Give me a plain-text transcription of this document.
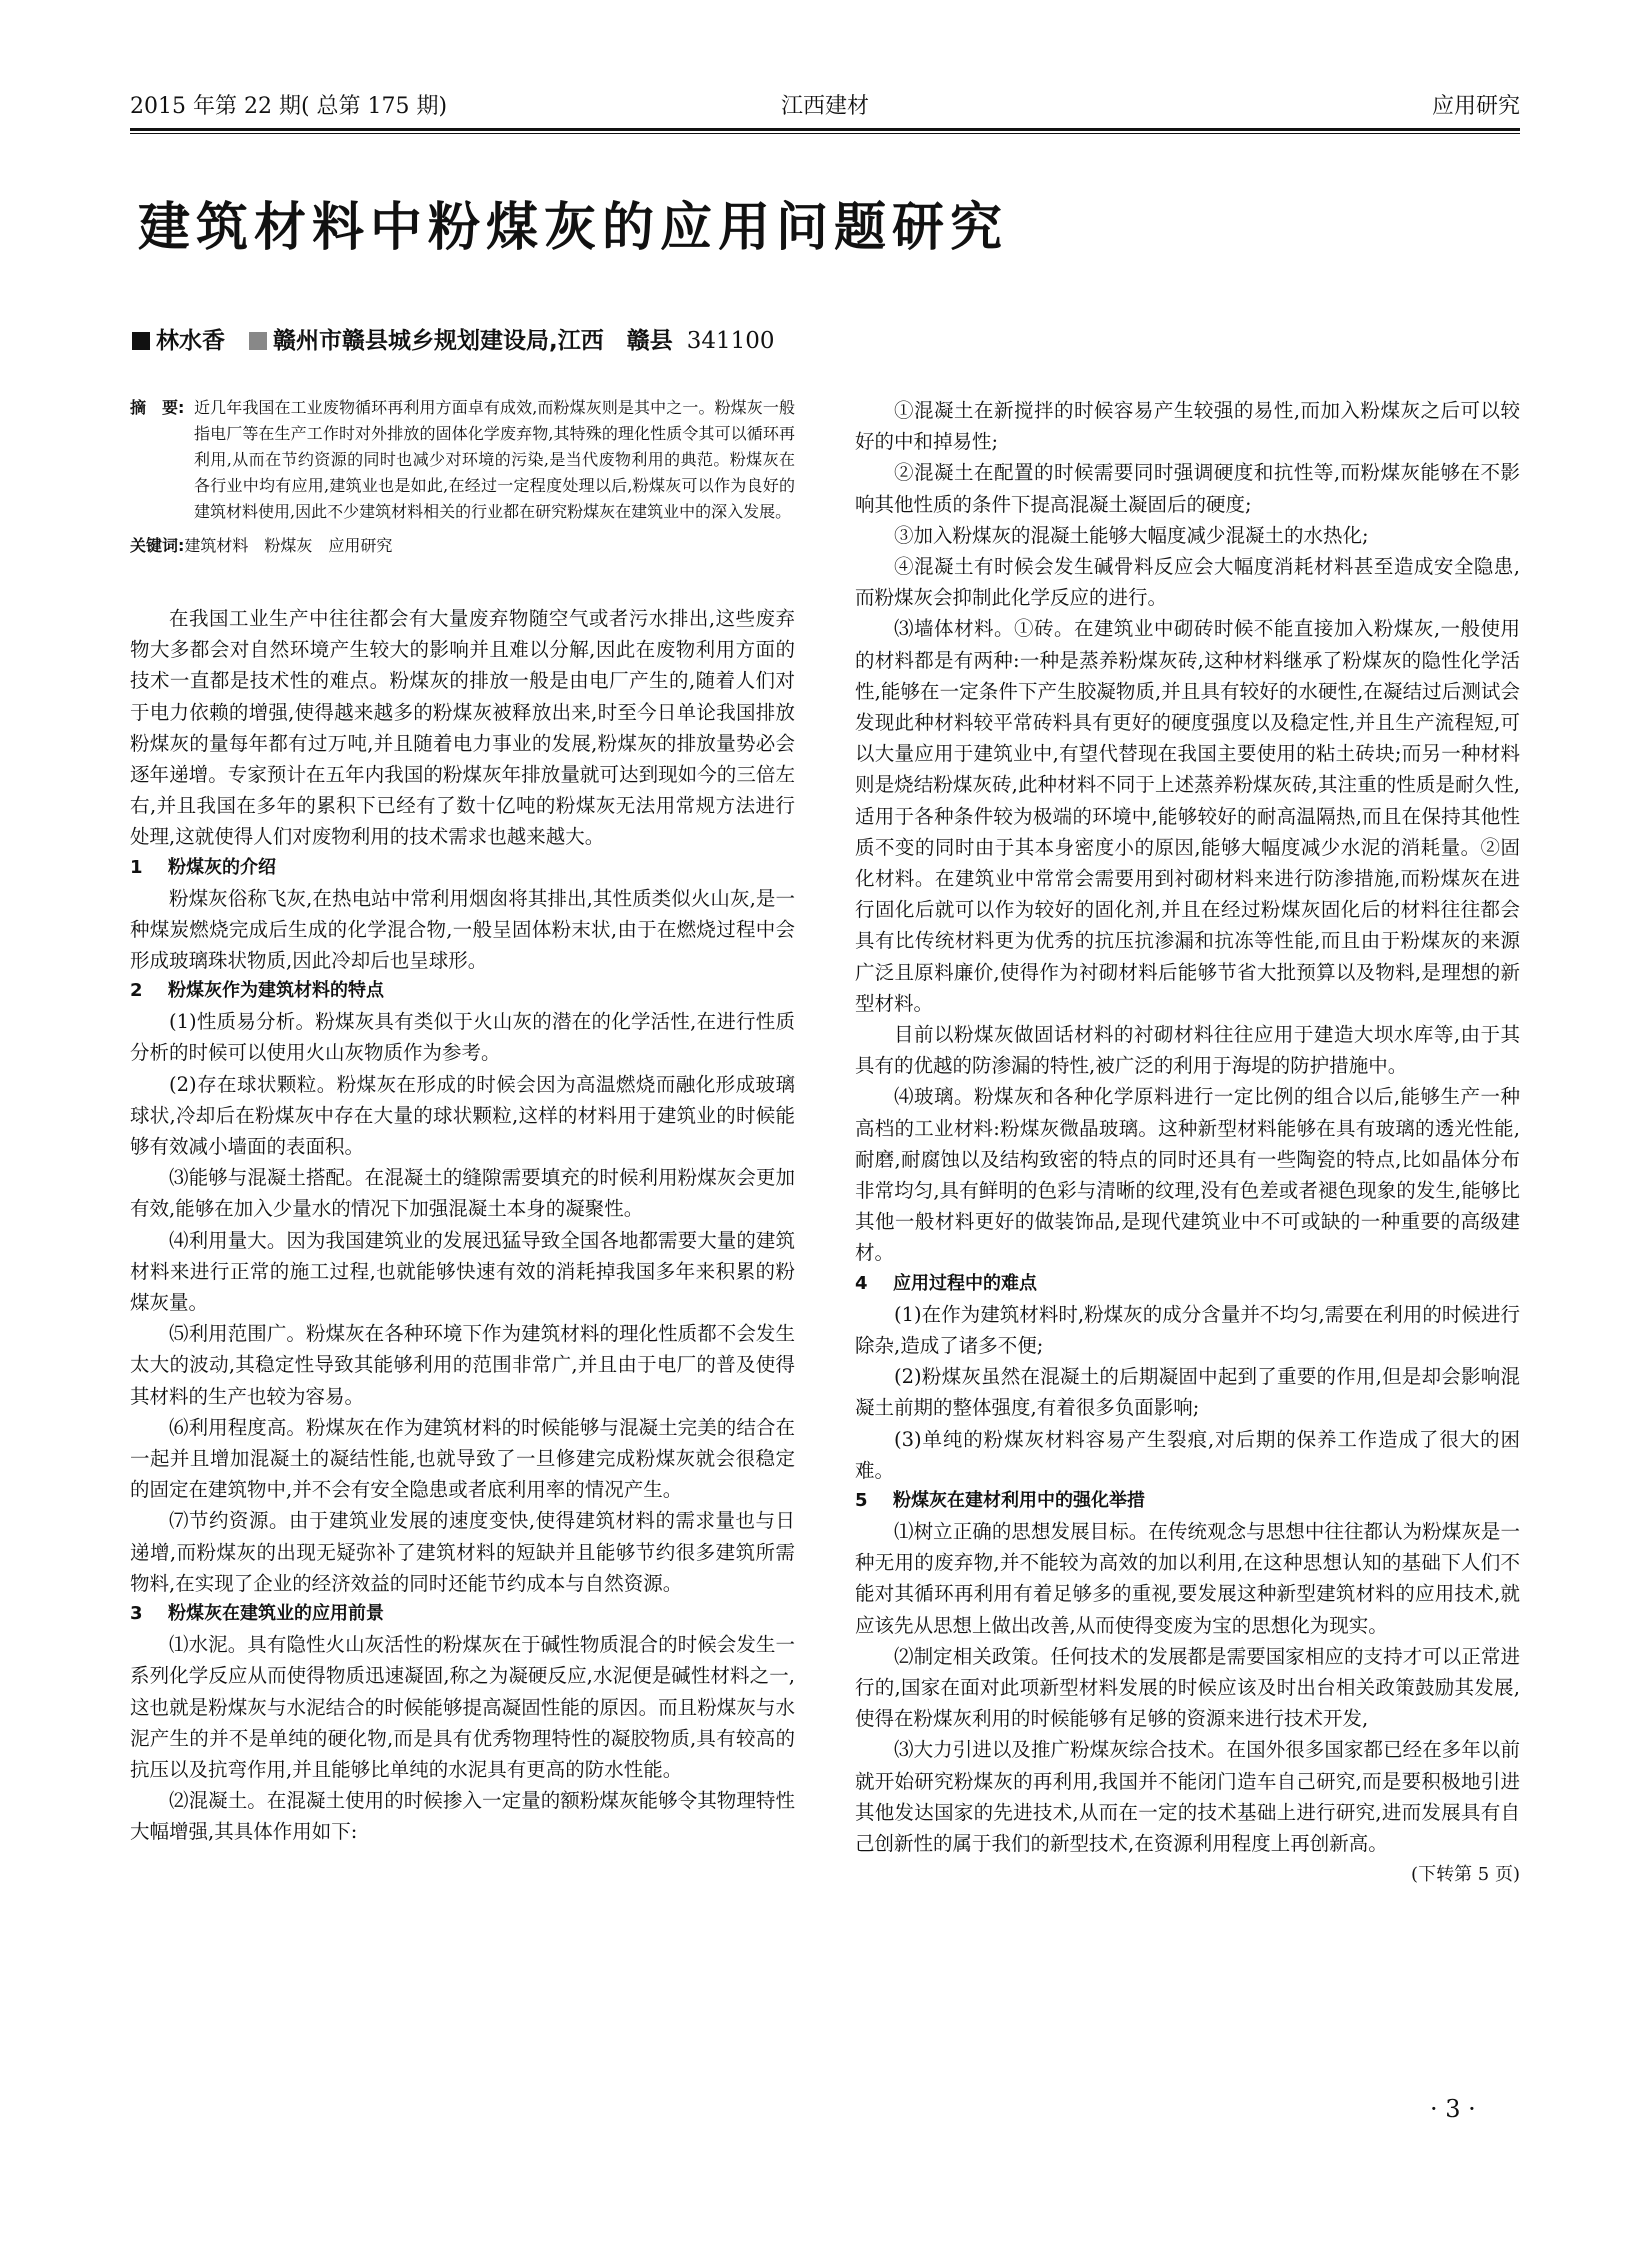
2015 年第 22 期( 总第 175 期)	江西建材	应用研究
建筑材料中粉煤灰的应用问题研究
林水香 赣州市赣县城乡规划建设局,江西　赣县 341100
摘　要: 近几年我国在工业废物循环再利用方面卓有成效,而粉煤灰则是其中之一。粉煤灰一般指电厂等在生产工作时对外排放的固体化学废弃物,其特殊的理化性质令其可以循环再利用,从而在节约资源的同时也减少对环境的污染,是当代废物利用的典范。粉煤灰在各行业中均有应用,建筑业也是如此,在经过一定程度处理以后,粉煤灰可以作为良好的建筑材料使用,因此不少建筑材料相关的行业都在研究粉煤灰在建筑业中的深入发展。
关键词:建筑材料　粉煤灰　应用研究

在我国工业生产中往往都会有大量废弃物随空气或者污水排出,这些废弃物大多都会对自然环境产生较大的影响并且难以分解,因此在废物利用方面的技术一直都是技术性的难点。粉煤灰的排放一般是由电厂产生的,随着人们对于电力依赖的增强,使得越来越多的粉煤灰被释放出来,时至今日单论我国排放粉煤灰的量每年都有过万吨,并且随着电力事业的发展,粉煤灰的排放量势必会逐年递增。专家预计在五年内我国的粉煤灰年排放量就可达到现如今的三倍左右,并且我国在多年的累积下已经有了数十亿吨的粉煤灰无法用常规方法进行处理,这就使得人们对废物利用的技术需求也越来越大。

1 粉煤灰的介绍

粉煤灰俗称飞灰,在热电站中常利用烟囱将其排出,其性质类似火山灰,是一种煤炭燃烧完成后生成的化学混合物,一般呈固体粉末状,由于在燃烧过程中会形成玻璃珠状物质,因此冷却后也呈球形。

2 粉煤灰作为建筑材料的特点

(1)性质易分析。粉煤灰具有类似于火山灰的潜在的化学活性,在进行性质分析的时候可以使用火山灰物质作为参考。

(2)存在球状颗粒。粉煤灰在形成的时候会因为高温燃烧而融化形成玻璃球状,冷却后在粉煤灰中存在大量的球状颗粒,这样的材料用于建筑业的时候能够有效减小墙面的表面积。

⑶能够与混凝土搭配。在混凝土的缝隙需要填充的时候利用粉煤灰会更加有效,能够在加入少量水的情况下加强混凝土本身的凝聚性。

⑷利用量大。因为我国建筑业的发展迅猛导致全国各地都需要大量的建筑材料来进行正常的施工过程,也就能够快速有效的消耗掉我国多年来积累的粉煤灰量。

⑸利用范围广。粉煤灰在各种环境下作为建筑材料的理化性质都不会发生太大的波动,其稳定性导致其能够利用的范围非常广,并且由于电厂的普及使得其材料的生产也较为容易。

⑹利用程度高。粉煤灰在作为建筑材料的时候能够与混凝土完美的结合在一起并且增加混凝土的凝结性能,也就导致了一旦修建完成粉煤灰就会很稳定的固定在建筑物中,并不会有安全隐患或者底利用率的情况产生。

⑺节约资源。由于建筑业发展的速度变快,使得建筑材料的需求量也与日递增,而粉煤灰的出现无疑弥补了建筑材料的短缺并且能够节约很多建筑所需物料,在实现了企业的经济效益的同时还能节约成本与自然资源。

3 粉煤灰在建筑业的应用前景

⑴水泥。具有隐性火山灰活性的粉煤灰在于碱性物质混合的时候会发生一系列化学反应从而使得物质迅速凝固,称之为凝硬反应,水泥便是碱性材料之一,这也就是粉煤灰与水泥结合的时候能够提高凝固性能的原因。而且粉煤灰与水泥产生的并不是单纯的硬化物,而是具有优秀物理特性的凝胶物质,具有较高的抗压以及抗弯作用,并且能够比单纯的水泥具有更高的防水性能。

⑵混凝土。在混凝土使用的时候掺入一定量的额粉煤灰能够令其物理特性大幅增强,其具体作用如下:

①混凝土在新搅拌的时候容易产生较强的易性,而加入粉煤灰之后可以较好的中和掉易性;

②混凝土在配置的时候需要同时强调硬度和抗性等,而粉煤灰能够在不影响其他性质的条件下提高混凝土凝固后的硬度;

③加入粉煤灰的混凝土能够大幅度减少混凝土的水热化;

④混凝土有时候会发生碱骨料反应会大幅度消耗材料甚至造成安全隐患,而粉煤灰会抑制此化学反应的进行。

⑶墙体材料。①砖。在建筑业中砌砖时候不能直接加入粉煤灰,一般使用的材料都是有两种:一种是蒸养粉煤灰砖,这种材料继承了粉煤灰的隐性化学活性,能够在一定条件下产生胶凝物质,并且具有较好的水硬性,在凝结过后测试会发现此种材料较平常砖料具有更好的硬度强度以及稳定性,并且生产流程短,可以大量应用于建筑业中,有望代替现在我国主要使用的粘土砖块;而另一种材料则是烧结粉煤灰砖,此种材料不同于上述蒸养粉煤灰砖,其注重的性质是耐久性,适用于各种条件较为极端的环境中,能够较好的耐高温隔热,而且在保持其他性质不变的同时由于其本身密度小的原因,能够大幅度减少水泥的消耗量。②固化材料。在建筑业中常常会需要用到衬砌材料来进行防渗措施,而粉煤灰在进行固化后就可以作为较好的固化剂,并且在经过粉煤灰固化后的材料往往都会具有比传统材料更为优秀的抗压抗渗漏和抗冻等性能,而且由于粉煤灰的来源广泛且原料廉价,使得作为衬砌材料后能够节省大批预算以及物料,是理想的新型材料。

目前以粉煤灰做固话材料的衬砌材料往往应用于建造大坝水库等,由于其具有的优越的防渗漏的特性,被广泛的利用于海堤的防护措施中。

⑷玻璃。粉煤灰和各种化学原料进行一定比例的组合以后,能够生产一种高档的工业材料:粉煤灰微晶玻璃。这种新型材料能够在具有玻璃的透光性能,耐磨,耐腐蚀以及结构致密的特点的同时还具有一些陶瓷的特点,比如晶体分布非常均匀,具有鲜明的色彩与清晰的纹理,没有色差或者褪色现象的发生,能够比其他一般材料更好的做装饰品,是现代建筑业中不可或缺的一种重要的高级建材。

4 应用过程中的难点

(1)在作为建筑材料时,粉煤灰的成分含量并不均匀,需要在利用的时候进行除杂,造成了诸多不便;

(2)粉煤灰虽然在混凝土的后期凝固中起到了重要的作用,但是却会影响混凝土前期的整体强度,有着很多负面影响;

(3)单纯的粉煤灰材料容易产生裂痕,对后期的保养工作造成了很大的困难。

5 粉煤灰在建材利用中的强化举措

⑴树立正确的思想发展目标。在传统观念与思想中往往都认为粉煤灰是一种无用的废弃物,并不能较为高效的加以利用,在这种思想认知的基础下人们不能对其循环再利用有着足够多的重视,要发展这种新型建筑材料的应用技术,就应该先从思想上做出改善,从而使得变废为宝的思想化为现实。

⑵制定相关政策。任何技术的发展都是需要国家相应的支持才可以正常进行的,国家在面对此项新型材料发展的时候应该及时出台相关政策鼓励其发展,使得在粉煤灰利用的时候能够有足够的资源来进行技术开发,

⑶大力引进以及推广粉煤灰综合技术。在国外很多国家都已经在多年以前就开始研究粉煤灰的再利用,我国并不能闭门造车自己研究,而是要积极地引进其他发达国家的先进技术,从而在一定的技术基础上进行研究,进而发展具有自己创新性的属于我们的新型技术,在资源利用程度上再创新高。

(下转第 5 页)
· 3 ·
